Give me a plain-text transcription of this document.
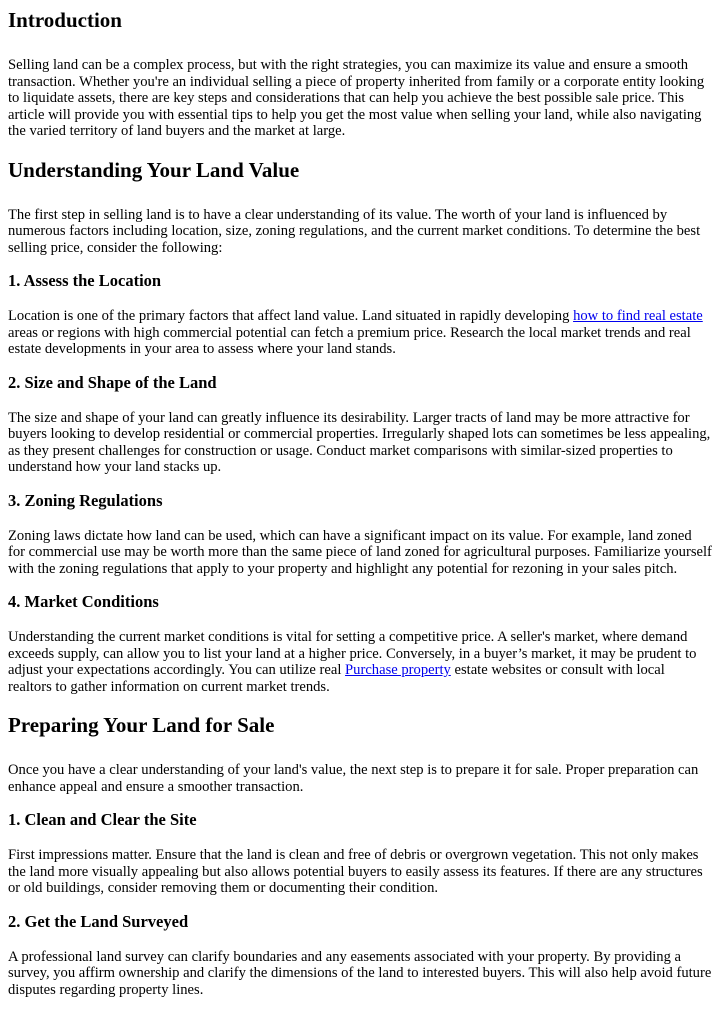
Introduction

Selling land can be a complex process, but with the right strategies, you can maximize its value and ensure a smooth transaction. Whether you're an individual selling a piece of property inherited from family or a corporate entity looking to liquidate assets, there are key steps and considerations that can help you achieve the best possible sale price. This article will provide you with essential tips to help you get the most value when selling your land, while also navigating the varied territory of land buyers and the market at large.

Understanding Your Land Value

The first step in selling land is to have a clear understanding of its value. The worth of your land is influenced by numerous factors including location, size, zoning regulations, and the current market conditions. To determine the best selling price, consider the following:

1. Assess the Location

Location is one of the primary factors that affect land value. Land situated in rapidly developing how to find real estate areas or regions with high commercial potential can fetch a premium price. Research the local market trends and real estate developments in your area to assess where your land stands.

2. Size and Shape of the Land

The size and shape of your land can greatly influence its desirability. Larger tracts of land may be more attractive for buyers looking to develop residential or commercial properties. Irregularly shaped lots can sometimes be less appealing, as they present challenges for construction or usage. Conduct market comparisons with similar-sized properties to understand how your land stacks up.

3. Zoning Regulations

Zoning laws dictate how land can be used, which can have a significant impact on its value. For example, land zoned for commercial use may be worth more than the same piece of land zoned for agricultural purposes. Familiarize yourself with the zoning regulations that apply to your property and highlight any potential for rezoning in your sales pitch.

4. Market Conditions

Understanding the current market conditions is vital for setting a competitive price. A seller's market, where demand exceeds supply, can allow you to list your land at a higher price. Conversely, in a buyer’s market, it may be prudent to adjust your expectations accordingly. You can utilize real Purchase property estate websites or consult with local realtors to gather information on current market trends.

Preparing Your Land for Sale

Once you have a clear understanding of your land's value, the next step is to prepare it for sale. Proper preparation can enhance appeal and ensure a smoother transaction.

1. Clean and Clear the Site

First impressions matter. Ensure that the land is clean and free of debris or overgrown vegetation. This not only makes the land more visually appealing but also allows potential buyers to easily assess its features. If there are any structures or old buildings, consider removing them or documenting their condition.

2. Get the Land Surveyed

A professional land survey can clarify boundaries and any easements associated with your property. By providing a survey, you affirm ownership and clarify the dimensions of the land to interested buyers. This will also help avoid future disputes regarding property lines.
